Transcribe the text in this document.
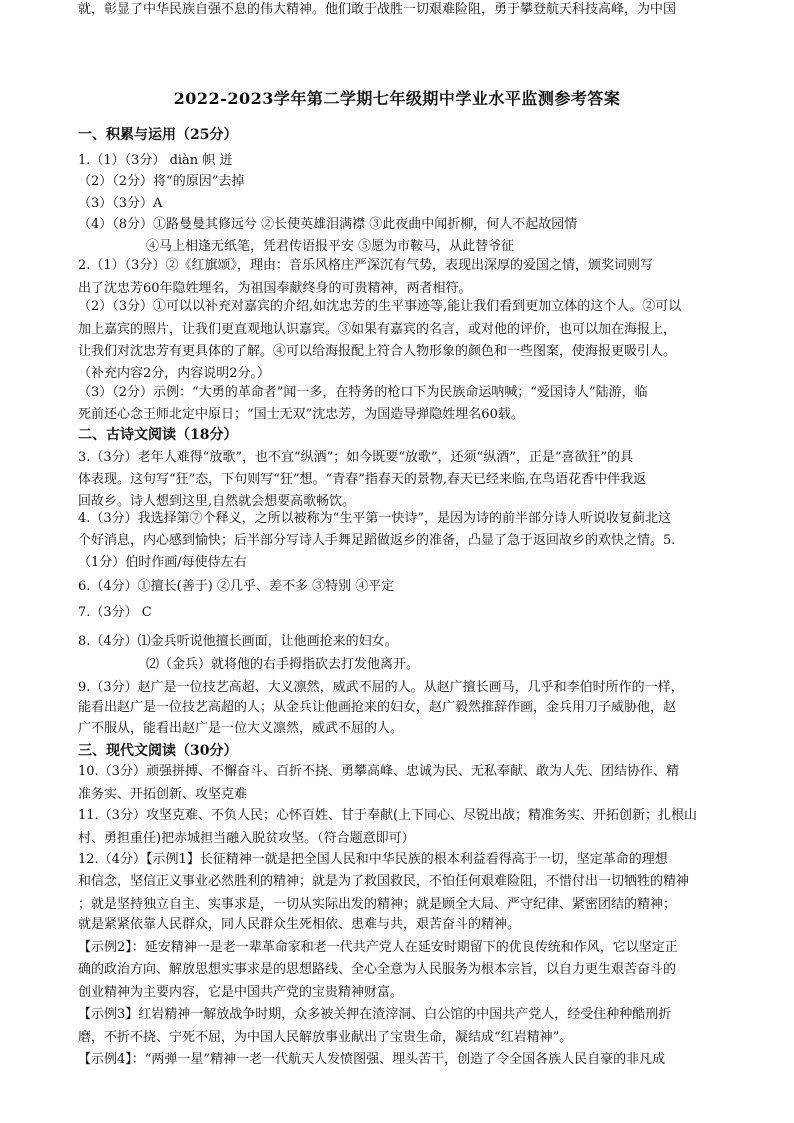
2022-2023学年第二学期七年级期中学业水平监测参考答案
一、积累与运用（25分）
1.（1）（3分） diàn 帜 迸
（2）（2分）将“的原因”去掉
（3）（3分）A
（4）（8分）①路曼曼其修远兮 ②长使英雄泪满襟 ③此夜曲中闻折柳，何人不起故园情
④马上相逢无纸笔，凭君传语报平安 ⑤愿为市鞍马，从此替爷征
2.（1）（3分）②《红旗颂》，理由：音乐风格庄严深沉有气势，表现出深厚的爱国之情，颁奖词则写
出了沈忠芳60年隐姓埋名，为祖国奉献终身的可贵精神，两者相符。
（2）（3分）①可以以补充对嘉宾的介绍,如沈忠芳的生平事迹等,能让我们看到更加立体的这个人。②可以
加上嘉宾的照片，让我们更直观地认识嘉宾。③如果有嘉宾的名言，或对他的评价，也可以加在海报上，
让我们对沈忠芳有更具体的了解。④可以给海报配上符合人物形象的颜色和一些图案，使海报更吸引人。
（补充内容2分，内容说明2分。）
（3）（2分）示例：“大勇的革命者”闻一多，在特务的枪口下为民族命运呐喊；“爱国诗人”陆游，临
死前还心念王师北定中原日；“国士无双”沈忠芳，为国造导弹隐姓埋名60载。
二、古诗文阅读（18分）
3.（3分）老年人难得“放歌”，也不宜“纵酒”；如今既要“放歌”，还须“纵酒”，正是“喜欲狂”的具
体表现。这句写“狂”态，下句则写“狂”想。“青春”指春天的景物,春天已经来临,在鸟语花香中伴我返
回故乡。诗人想到这里,自然就会想要高歌畅饮。
4.（3分）我选择第⑦个释义，之所以被称为“生平第一快诗”，是因为诗的前半部分诗人听说收复蓟北这
个好消息，内心感到愉快；后半部分写诗人手舞足蹈做返乡的准备，凸显了急于返回故乡的欢快之情。5.
（1分）伯时作画/每使侍左右
6.（4分）①擅长(善于) ②几乎、差不多 ③特别 ④平定
7.（3分） C
8.（4分）⑴金兵听说他擅长画面，让他画抢来的妇女。
⑵（金兵）就将他的右手拇指砍去打发他离开。
9.（3分）赵广是一位技艺高超、大义凛然，威武不屈的人。从赵广擅长画马，几乎和李伯时所作的一样，
能看出赵广是一位技艺高超的人；从金兵让他画抢来的妇女，赵广毅然推辞作画，金兵用刀子威胁他，赵
广不服从，能看出赵广是一位大义凛然，威武不屈的人。
三、现代文阅读（30分）
10.（3分）顽强拼搏、不懈奋斗、百折不挠、勇攀高峰、忠诚为民、无私奉献、敢为人先、团结协作、精
准务实、开拓创新、攻坚克难
11.（3分）攻坚克难、不负人民；心怀百姓、甘于奉献(上下同心、尽锐出战；精准务实、开拓创新；扎根山
村、勇担重任)把赤城担当融入脱贫攻坚。（符合题意即可）
12.（4分）【示例1】长征精神一就是把全国人民和中华民族的根本利益看得高于一切，坚定革命的理想
和信念，坚信正义事业必然胜利的精神；就是为了救国救民，不怕任何艰难险阻，不惜付出一切牺牲的精神
；就是坚持独立自主、实事求是，一切从实际出发的精神；就是顾全大局、严守纪律、紧密团结的精神；
就是紧紧依靠人民群众，同人民群众生死相依、患难与共，艰苦奋斗的精神。
【示例2】：延安精神一是老一辈革命家和老一代共产党人在延安时期留下的优良传统和作风，它以坚定正
确的政治方向、解放思想实事求是的思想路线、全心全意为人民服务为根本宗旨，以自力更生艰苦奋斗的
创业精神为主要内容，它是中国共产党的宝贵精神财富。
【示例3】红岩精神一解放战争时期，众多被关押在渣滓洞、白公馆的中国共产党人，经受住种种酷刑折
磨，不折不挠、宁死不屈，为中国人民解放事业献出了宝贵生命，凝结成“红岩精神”。
【示例4】：“两弹一星”精神一老一代航天人发愤图强、埋头苦干，创造了令全国各族人民自豪的非凡成
就，彰显了中华民族自强不息的伟大精神。他们敢于战胜一切艰难险阻，勇于攀登航天科技高峰，为中国
